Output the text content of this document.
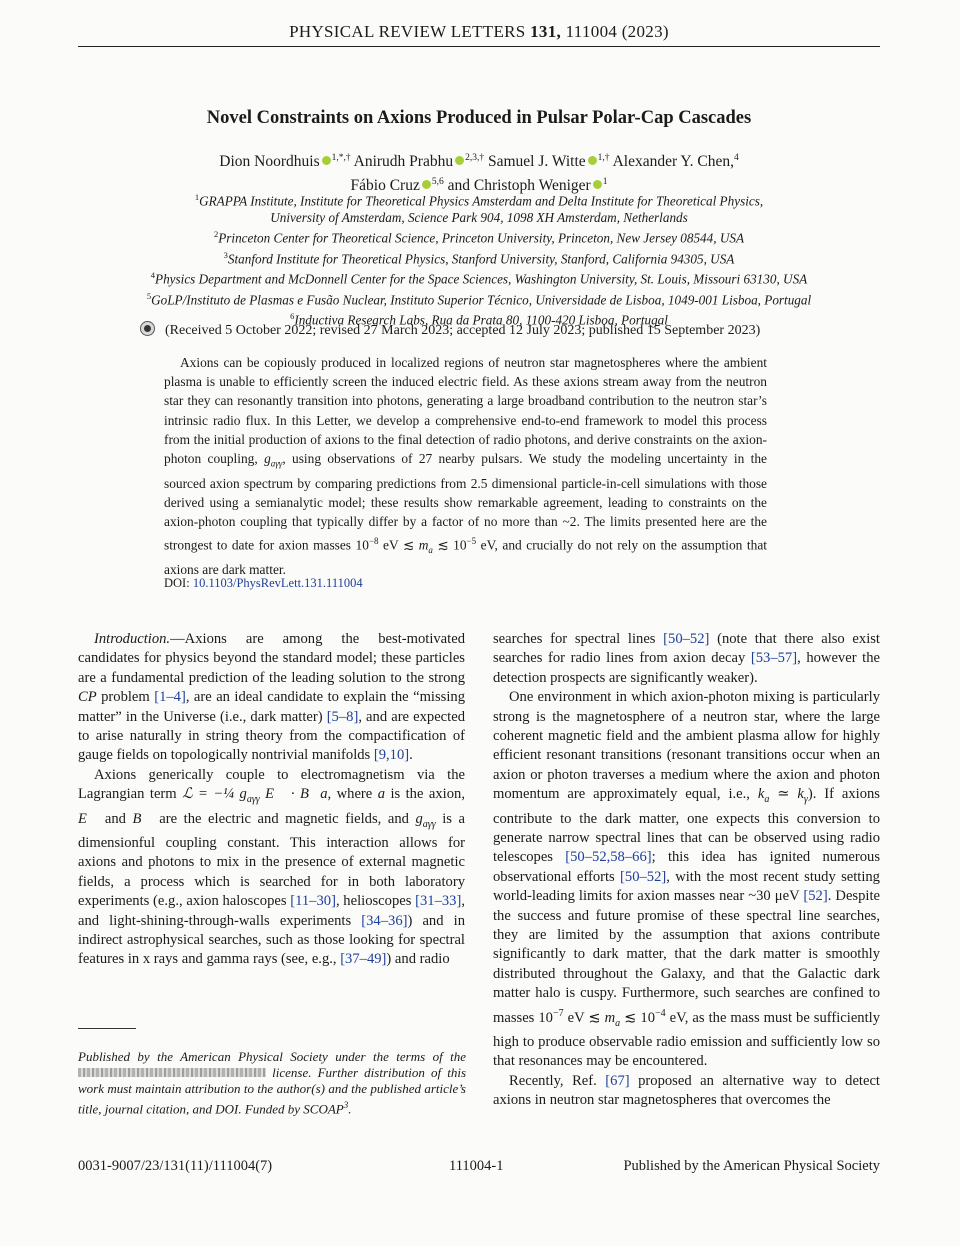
PHYSICAL REVIEW LETTERS 131, 111004 (2023)
Novel Constraints on Axions Produced in Pulsar Polar-Cap Cascades
Dion Noordhuis $^{1,*,\dagger}$ Anirudh Prabhu $^{2,3,\dagger}$ Samuel J. Witte $^{1,\dagger}$ Alexander Y. Chen,$^4$
Fábio Cruz $^{5,6}$ and Christoph Weniger $^1$
$^1$GRAPPA Institute, Institute for Theoretical Physics Amsterdam and Delta Institute for Theoretical Physics,
University of Amsterdam, Science Park 904, 1098 XH Amsterdam, Netherlands
$^2$Princeton Center for Theoretical Science, Princeton University, Princeton, New Jersey 08544, USA
$^3$Stanford Institute for Theoretical Physics, Stanford University, Stanford, California 94305, USA
$^4$Physics Department and McDonnell Center for the Space Sciences, Washington University, St. Louis, Missouri 63130, USA
$^5$GoLP/Instituto de Plasmas e Fusão Nuclear, Instituto Superior Técnico, Universidade de Lisboa, 1049-001 Lisboa, Portugal
$^6$Inductiva Research Labs, Rua da Prata 80, 1100-420 Lisboa, Portugal
(Received 5 October 2022; revised 27 March 2023; accepted 12 July 2023; published 15 September 2023)
Axions can be copiously produced in localized regions of neutron star magnetospheres where the ambient plasma is unable to efficiently screen the induced electric field. As these axions stream away from the neutron star they can resonantly transition into photons, generating a large broadband contribution to the neutron star’s intrinsic radio flux. In this Letter, we develop a comprehensive end-to-end framework to model this process from the initial production of axions to the final detection of radio photons, and derive constraints on the axion-photon coupling, $g_{a\gamma\gamma}$, using observations of 27 nearby pulsars. We study the modeling uncertainty in the sourced axion spectrum by comparing predictions from 2.5 dimensional particle-in-cell simulations with those derived using a semianalytic model; these results show remarkable agreement, leading to constraints on the axion-photon coupling that typically differ by a factor of no more than ~2. The limits presented here are the strongest to date for axion masses $10^{-8}$ eV ≲ $m_a$ ≲ $10^{-5}$ eV, and crucially do not rely on the assumption that axions are dark matter.
DOI: 10.1103/PhysRevLett.131.111004

Introduction.—Axions are among the best-motivated candidates for physics beyond the standard model; these particles are a fundamental prediction of the leading solution to the strong CP problem [1–4], are an ideal candidate to explain the “missing matter” in the Universe (i.e., dark matter) [5–8], and are expected to arise naturally in string theory from the compactification of gauge fields on topologically nontrivial manifolds [9,10].

Axions generically couple to electromagnetism via the Lagrangian term ℒ = −¼ $g_{a\gamma\gamma}$ E⃗ · B⃗a, where a is the axion, E⃗ and B⃗ are the electric and magnetic fields, and $g_{a\gamma\gamma}$ is a dimensionful coupling constant. This interaction allows for axions and photons to mix in the presence of external magnetic fields, a process which is searched for in both laboratory experiments (e.g., axion haloscopes [11–30], helioscopes [31–33], and light-shining-through-walls experiments [34–36]) and in indirect astrophysical searches, such as those looking for spectral features in x rays and gamma rays (see, e.g., [37–49]) and radio

searches for spectral lines [50–52] (note that there also exist searches for radio lines from axion decay [53–57], however the detection prospects are significantly weaker).

One environment in which axion-photon mixing is particularly strong is the magnetosphere of a neutron star, where the large coherent magnetic field and the ambient plasma allow for highly efficient resonant transitions (resonant transitions occur when an axion or photon traverses a medium where the axion and photon momentum are approximately equal, i.e., $k_a$ ≃ $k_\gamma$). If axions contribute to the dark matter, one expects this conversion to generate narrow spectral lines that can be observed using radio telescopes [50–52,58–66]; this idea has ignited numerous observational efforts [50–52], with the most recent study setting world-leading limits for axion masses near ~30 μeV [52]. Despite the success and future promise of these spectral line searches, they are limited by the assumption that axions contribute significantly to dark matter, that the dark matter is smoothly distributed throughout the Galaxy, and that the Galactic dark matter halo is cuspy. Furthermore, such searches are confined to masses $10^{-7}$ eV ≲ $m_a$ ≲ $10^{-4}$ eV, as the mass must be sufficiently high to produce observable radio emission and sufficiently low so that resonances may be encountered.

Recently, Ref. [67] proposed an alternative way to detect axions in neutron star magnetospheres that overcomes the

Published by the American Physical Society under the terms of the  license. Further distribution of this work must maintain attribution to the author(s) and the published article’s title, journal citation, and DOI. Funded by SCOAP$^3$.
0031-9007/23/131(11)/111004(7)	111004-1	Published by the American Physical Society
